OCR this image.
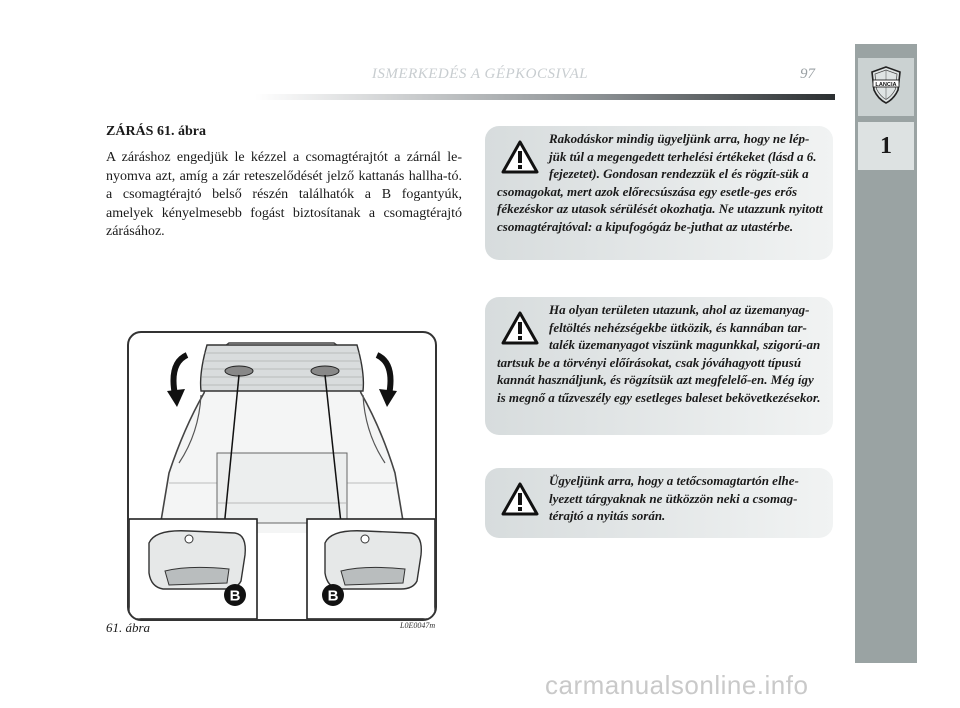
ISMERKEDÉS A GÉPKOCSIVAL	97
LANCIA
1
ZÁRÁS 61. ábra
A záráshoz engedjük le kézzel a csomagtérajtót a zárnál le-nyomva azt, amíg a zár reteszelődését jelző kattanás hallha-tó. a csomagtérajtó belső részén találhatók a B fogantyúk, amelyek kényelmesebb fogást biztosítanak a csomagtérajtó zárásához.
Rakodáskor mindig ügyeljünk arra, hogy ne lép-jük túl a megengedett terhelési értékeket (lásd a 6. fejezetet). Gondosan rendezzük el és rögzít-sük a csomagokat, mert azok előrecsúszása egy esetle-ges erős fékezéskor az utasok sérülését okozhatja. Ne utazzunk nyitott csomagtérajtóval: a kipufogógáz be-juthat az utastérbe.
Ha olyan területen utazunk, ahol az üzemanyag-feltöltés nehézségekbe ütközik, és kannában tar-talék üzemanyagot viszünk magunkkal, szigorú-an tartsuk be a törvényi előírásokat, csak jóváhagyott típusú kannát használjunk, és rögzítsük azt megfelelő-en. Még így is megnő a tűzveszély egy esetleges baleset bekövetkezésekor.
Ügyeljünk arra, hogy a tetőcsomagtartón elhe-lyezett tárgyaknak ne ütközzön neki a csomag-térajtó a nyitás során.
B	B
61. ábra	L0E0047m
carmanualsonline.info
